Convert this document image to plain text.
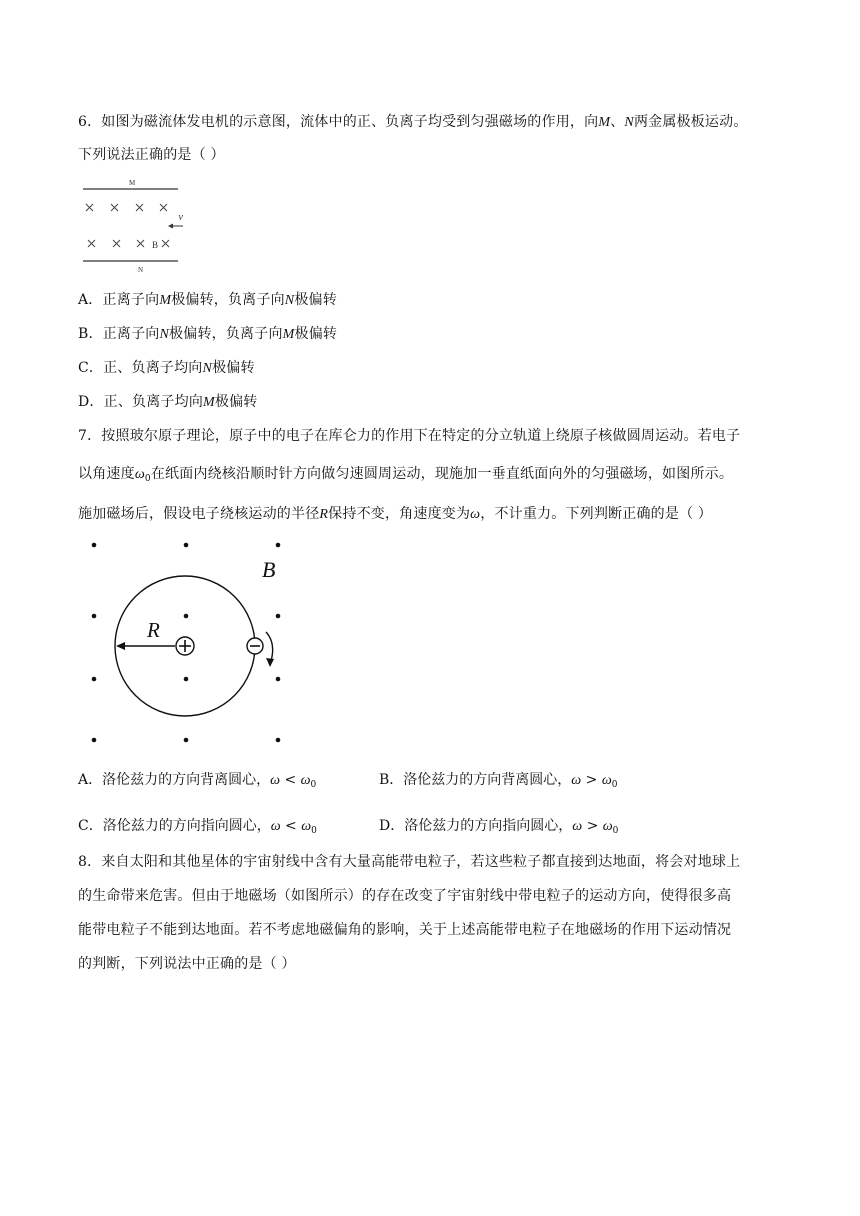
6．如图为磁流体发电机的示意图，流体中的正、负离子均受到匀强磁场的作用，向M、N两金属极板运动。
下列说法正确的是（ ）
M
v
B
N
A．正离子向M极偏转，负离子向N极偏转
B．正离子向N极偏转，负离子向M极偏转
C．正、负离子均向N极偏转
D．正、负离子均向M极偏转
7．按照玻尔原子理论，原子中的电子在库仑力的作用下在特定的分立轨道上绕原子核做圆周运动。若电子
以角速度$\omega_0$在纸面内绕核沿顺时针方向做匀速圆周运动，现施加一垂直纸面向外的匀强磁场，如图所示。
施加磁场后，假设电子绕核运动的半径R保持不变，角速度变为ω，不计重力。下列判断正确的是（ ）
B
R
A．洛伦兹力的方向背离圆心，$\omega < \omega_0$	B．洛伦兹力的方向背离圆心，$\omega > \omega_0$
C．洛伦兹力的方向指向圆心，$\omega < \omega_0$	D．洛伦兹力的方向指向圆心，$\omega > \omega_0$
8．来自太阳和其他星体的宇宙射线中含有大量高能带电粒子，若这些粒子都直接到达地面，将会对地球上
的生命带来危害。但由于地磁场（如图所示）的存在改变了宇宙射线中带电粒子的运动方向，使得很多高
能带电粒子不能到达地面。若不考虑地磁偏角的影响，关于上述高能带电粒子在地磁场的作用下运动情况
的判断，下列说法中正确的是（ ）
